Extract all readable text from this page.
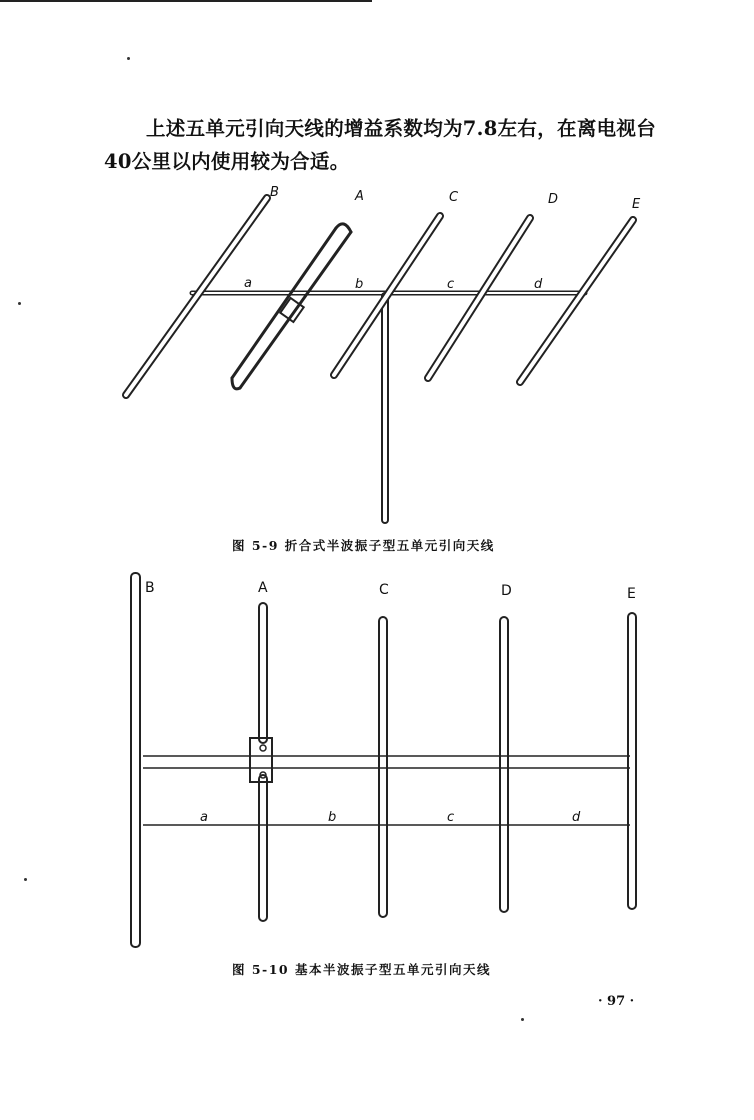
上述五单元引向天线的增益系数均为7.8左右，在离电视台
40公里以内使用较为合适。

B	A	C	D	E
a	b	c	d
图 5-9 折合式半波振子型五单元引向天线
B	A	C	D	E
a	b	c	d
图 5-10 基本半波振子型五单元引向天线
· 97 ·
